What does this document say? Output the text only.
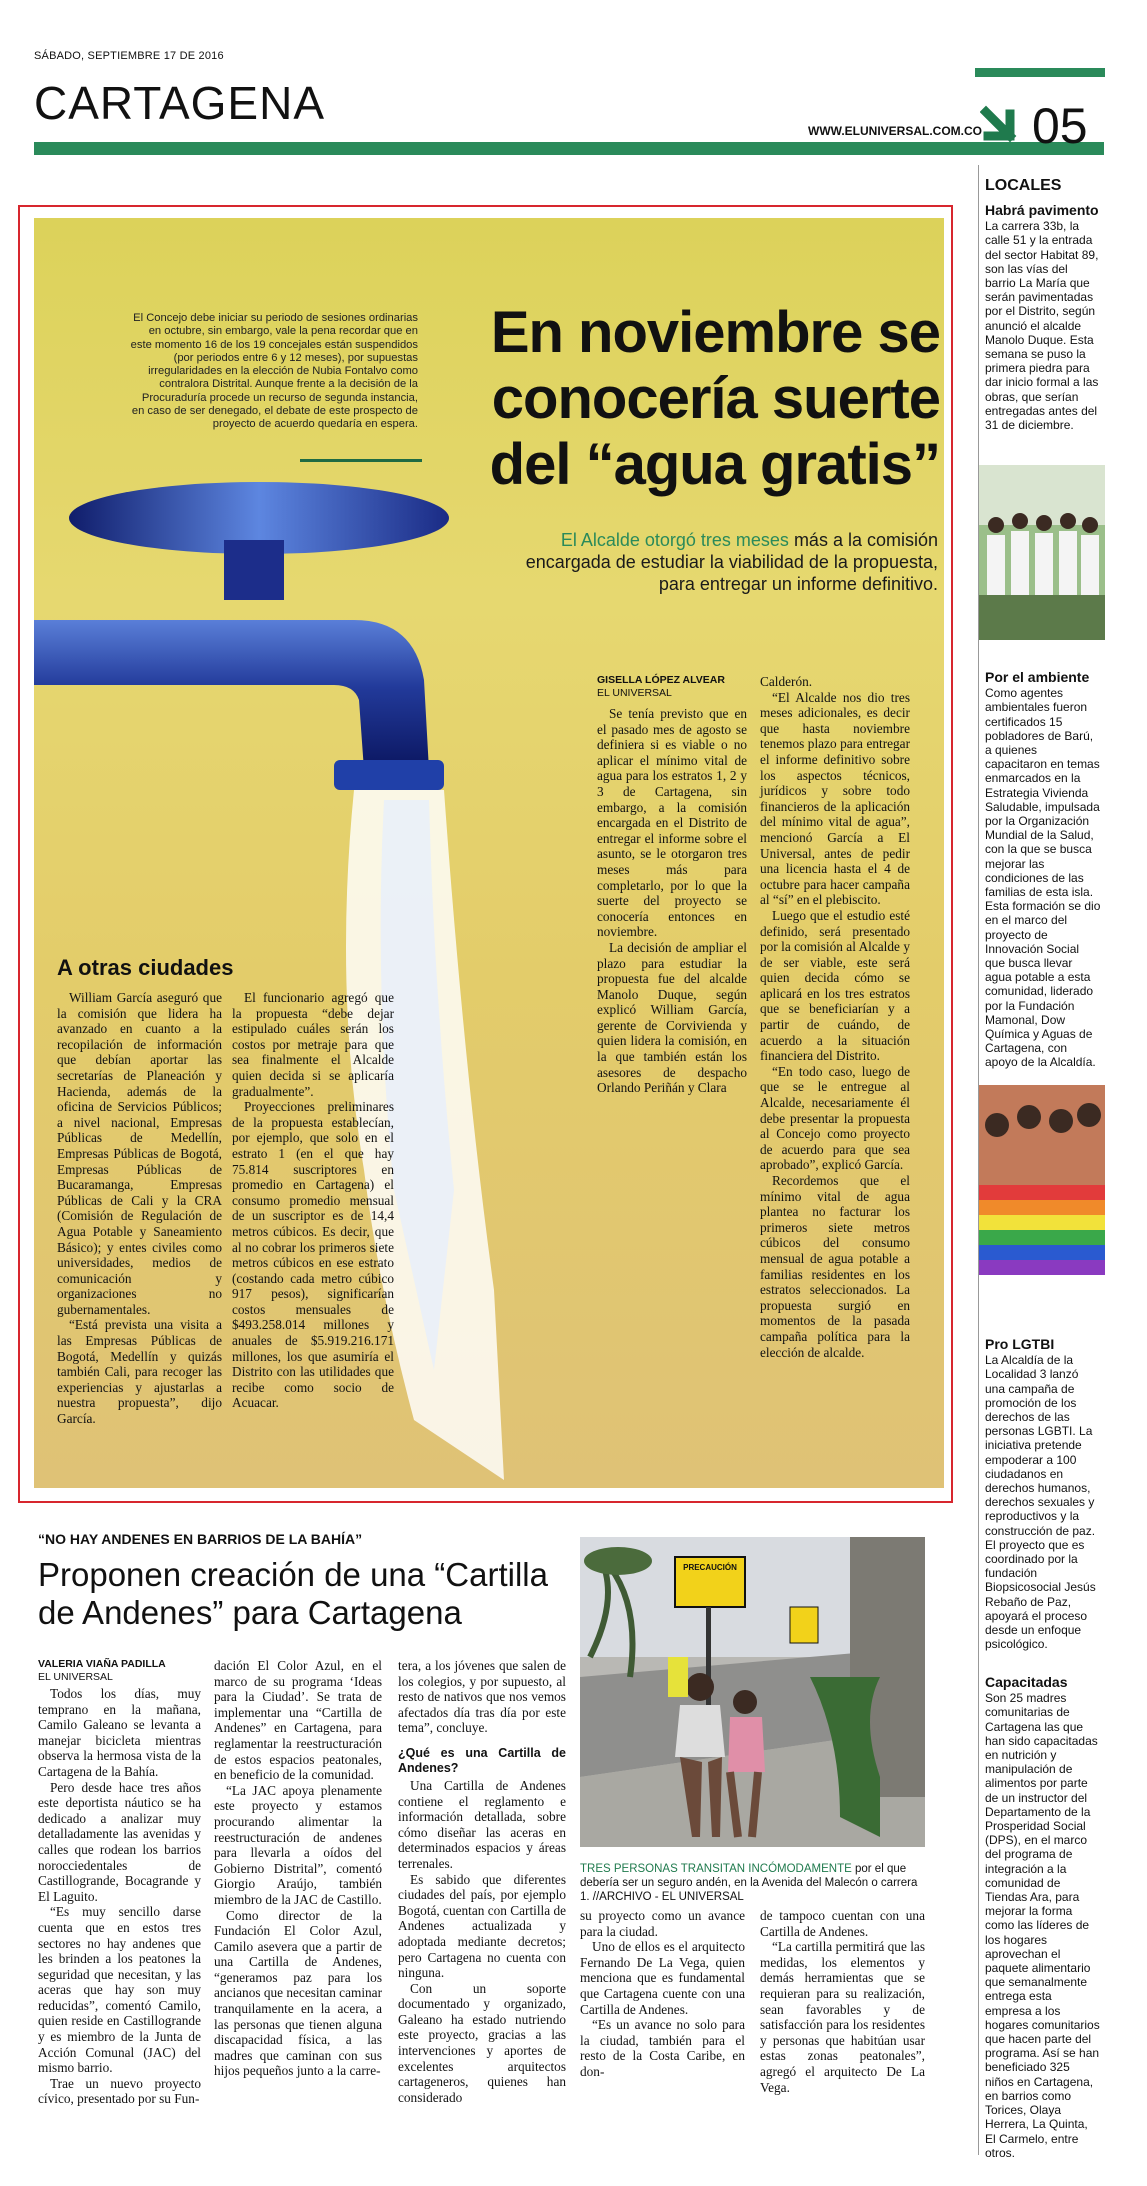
SÁBADO, SEPTIEMBRE 17 DE 2016
CARTAGENA
WWW.ELUNIVERSAL.COM.CO 05
El Concejo debe iniciar su periodo de sesiones ordinarias en octubre, sin embargo, vale la pena recordar que en este momento 16 de los 19 concejales están suspendidos (por periodos entre 6 y 12 meses), por supuestas irregularidades en la elección de Nubia Fontalvo como contralora Distrital. Aunque frente a la decisión de la Procuraduría procede un recurso de segunda instancia, en caso de ser denegado, el debate de este prospecto de proyecto de acuerdo quedaría en espera.
En noviembre se
conocería suerte
del “agua gratis”
El Alcalde otorgó tres meses más a la comisión
encargada de estudiar la viabilidad de la propuesta,
para entregar un informe definitivo.
GISELLA LÓPEZ ALVEAR
EL UNIVERSAL

Se tenía previsto que en el pasado mes de agosto se definiera si es viable o no aplicar el mínimo vital de agua para los estratos 1, 2 y 3 de Cartagena, sin embargo, a la comisión encargada en el Distrito de entregar el informe sobre el asunto, se le otorgaron tres meses más para completarlo, por lo que la suerte del proyecto se conocería entonces en noviembre.

La decisión de ampliar el plazo para estudiar la propuesta fue del alcalde Manolo Duque, según explicó William García, gerente de Corvivienda y quien lidera la comisión, en la que también están los asesores de despacho Orlando Periñán y Clara

Calderón.

“El Alcalde nos dio tres meses adicionales, es decir que hasta noviembre tenemos plazo para entregar el informe definitivo sobre los aspectos técnicos, jurídicos y sobre todo financieros de la aplicación del mínimo vital de agua”, mencionó García a El Universal, antes de pedir una licencia hasta el 4 de octubre para hacer campaña al “sí” en el plebiscito.

Luego que el estudio esté definido, será presentado por la comisión al Alcalde y de ser viable, este será quien decida cómo se aplicará en los tres estratos que se beneficiarían y a partir de cuándo, de acuerdo a la situación financiera del Distrito.

“En todo caso, luego de que se le entregue al Alcalde, necesariamente él debe presentar la propuesta al Concejo como proyecto de acuerdo para que sea aprobado”, explicó García.

Recordemos que el mínimo vital de agua plantea no facturar los primeros siete metros cúbicos del consumo mensual de agua potable a familias residentes en los estratos seleccionados. La propuesta surgió en momentos de la pasada campaña política para la elección de alcalde.

A otras ciudades

William García aseguró que la comisión que lidera ha avanzado en cuanto a la recopilación de información que debían aportar las secretarías de Planeación y Hacienda, además de la oficina de Servicios Públicos; a nivel nacional, Empresas Públicas de Medellín, Empresas Públicas de Bogotá, Empresas Públicas de Bucaramanga, Empresas Públicas de Cali y la CRA (Comisión de Regulación de Agua Potable y Saneamiento Básico); y entes civiles como universidades, medios de comunicación y organizaciones no gubernamentales.

“Está prevista una visita a las Empresas Públicas de Bogotá, Medellín y quizás también Cali, para recoger las experiencias y ajustarlas a nuestra propuesta”, dijo García.

El funcionario agregó que la propuesta “debe dejar estipulado cuáles serán los costos por metraje para que sea finalmente el Alcalde quien decida si se aplicaría gradualmente”.

Proyecciones preliminares de la propuesta establecían, por ejemplo, que solo en el estrato 1 (en el que hay 75.814 suscriptores en promedio en Cartagena) el consumo promedio mensual de un suscriptor es de 14,4 metros cúbicos. Es decir, que al no cobrar los primeros siete metros cúbicos en ese estrato (costando cada metro cúbico 917 pesos), significarían costos mensuales de $493.258.014 millones y anuales de $5.919.216.171 millones, los que asumiría el Distrito con las utilidades que recibe como socio de Acuacar.

“NO HAY ANDENES EN BARRIOS DE LA BAHÍA”
Proponen creación de una “Cartilla
de Andenes” para Cartagena
VALERIA VIAÑA PADILLA
EL UNIVERSAL

Todos los días, muy temprano en la mañana, Camilo Galeano se levanta a manejar bicicleta mientras observa la hermosa vista de la Cartagena de la Bahía.

Pero desde hace tres años este deportista náutico se ha dedicado a analizar muy detalladamente las avenidas y calles que rodean los barrios norocciedentales de Castillogrande, Bocagrande y El Laguito.

“Es muy sencillo darse cuenta que en estos tres sectores no hay andenes que les brinden a los peatones la seguridad que necesitan, y las aceras que hay son muy reducidas”, comentó Camilo, quien reside en Castillogrande y es miembro de la Junta de Acción Comunal (JAC) del mismo barrio.

Trae un nuevo proyecto cívico, presentado por su Fun-

dación El Color Azul, en el marco de su programa ‘Ideas para la Ciudad’. Se trata de implementar una “Cartilla de Andenes” en Cartagena, para reglamentar la reestructuración de estos espacios peatonales, en beneficio de la comunidad.

“La JAC apoya plenamente este proyecto y estamos procurando alimentar la reestructuración de andenes para llevarla a oídos del Gobierno Distrital”, comentó Giorgio Araújo, también miembro de la JAC de Castillo.

Como director de la Fundación El Color Azul, Camilo asevera que a partir de una Cartilla de Andenes, “generamos paz para los ancianos que necesitan caminar tranquilamente en la acera, a las personas que tienen alguna discapacidad física, a las madres que caminan con sus hijos pequeños junto a la carre-

tera, a los jóvenes que salen de los colegios, y por supuesto, al resto de nativos que nos vemos afectados día tras día por este tema”, concluye.

¿Qué es una Cartilla de Andenes?

Una Cartilla de Andenes contiene el reglamento e información detallada, sobre cómo diseñar las aceras en determinados espacios y áreas terrenales.

Es sabido que diferentes ciudades del país, por ejemplo Bogotá, cuentan con Cartilla de Andenes actualizada y adoptada mediante decretos; pero Cartagena no cuenta con ninguna.

Con un soporte documentado y organizado, Galeano ha estado nutriendo este proyecto, gracias a las intervenciones y aportes de excelentes arquitectos cartageneros, quienes han considerado

PRECAUCIÓN
TRES PERSONAS TRANSITAN INCÓMODAMENTE por el que debería ser un seguro andén, en la Avenida del Malecón o carrera 1. //ARCHIVO - EL UNIVERSAL

su proyecto como un avance para la ciudad.

Uno de ellos es el arquitecto Fernando De La Vega, quien menciona que es fundamental que Cartagena cuente con una Cartilla de Andenes.

“Es un avance no solo para la ciudad, también para el resto de la Costa Caribe, en don-

de tampoco cuentan con una Cartilla de Andenes.

“La cartilla permitirá que las medidas, los elementos y demás herramientas que se requieran para su realización, sean favorables y de satisfacción para los residentes y personas que habitúan usar estas zonas peatonales”, agregó el arquitecto De La Vega.

LOCALES
Habrá pavimento

La carrera 33b, la calle 51 y la entrada del sector Habitat 89, son las vías del barrio La María que serán pavimentadas por el Distrito, según anunció el alcalde Manolo Duque. Esta semana se puso la primera piedra para dar inicio formal a las obras, que serían entregadas antes del 31 de diciembre.

Por el ambiente

Como agentes ambientales fueron certificados 15 pobladores de Barú, a quienes capacitaron en temas enmarcados en la Estrategia Vivienda Saludable, impulsada por la Organización Mundial de la Salud, con la que se busca mejorar las condiciones de las familias de esta isla. Esta formación se dio en el marco del proyecto de Innovación Social que busca llevar agua potable a esta comunidad, liderado por la Fundación Mamonal, Dow Química y Aguas de Cartagena, con apoyo de la Alcaldía.

Pro LGTBI

La Alcaldía de la Localidad 3 lanzó una campaña de promoción de los derechos de las personas LGBTI. La iniciativa pretende empoderar a 100 ciudadanos en derechos humanos, derechos sexuales y reproductivos y la construcción de paz. El proyecto que es coordinado por la fundación Biopsicosocial Jesús Rebaño de Paz, apoyará el proceso desde un enfoque psicológico.

Capacitadas

Son 25 madres comunitarias de Cartagena las que han sido capacitadas en nutrición y manipulación de alimentos por parte de un instructor del Departamento de la Prosperidad Social (DPS), en el marco del programa de integración a la comunidad de Tiendas Ara, para mejorar la forma como las líderes de los hogares aprovechan el paquete alimentario que semanalmente entrega esta empresa a los hogares comunitarios que hacen parte del programa. Así se han beneficiado 325 niños en Cartagena, en barrios como Torices, Olaya Herrera, La Quinta, El Carmelo, entre otros.
